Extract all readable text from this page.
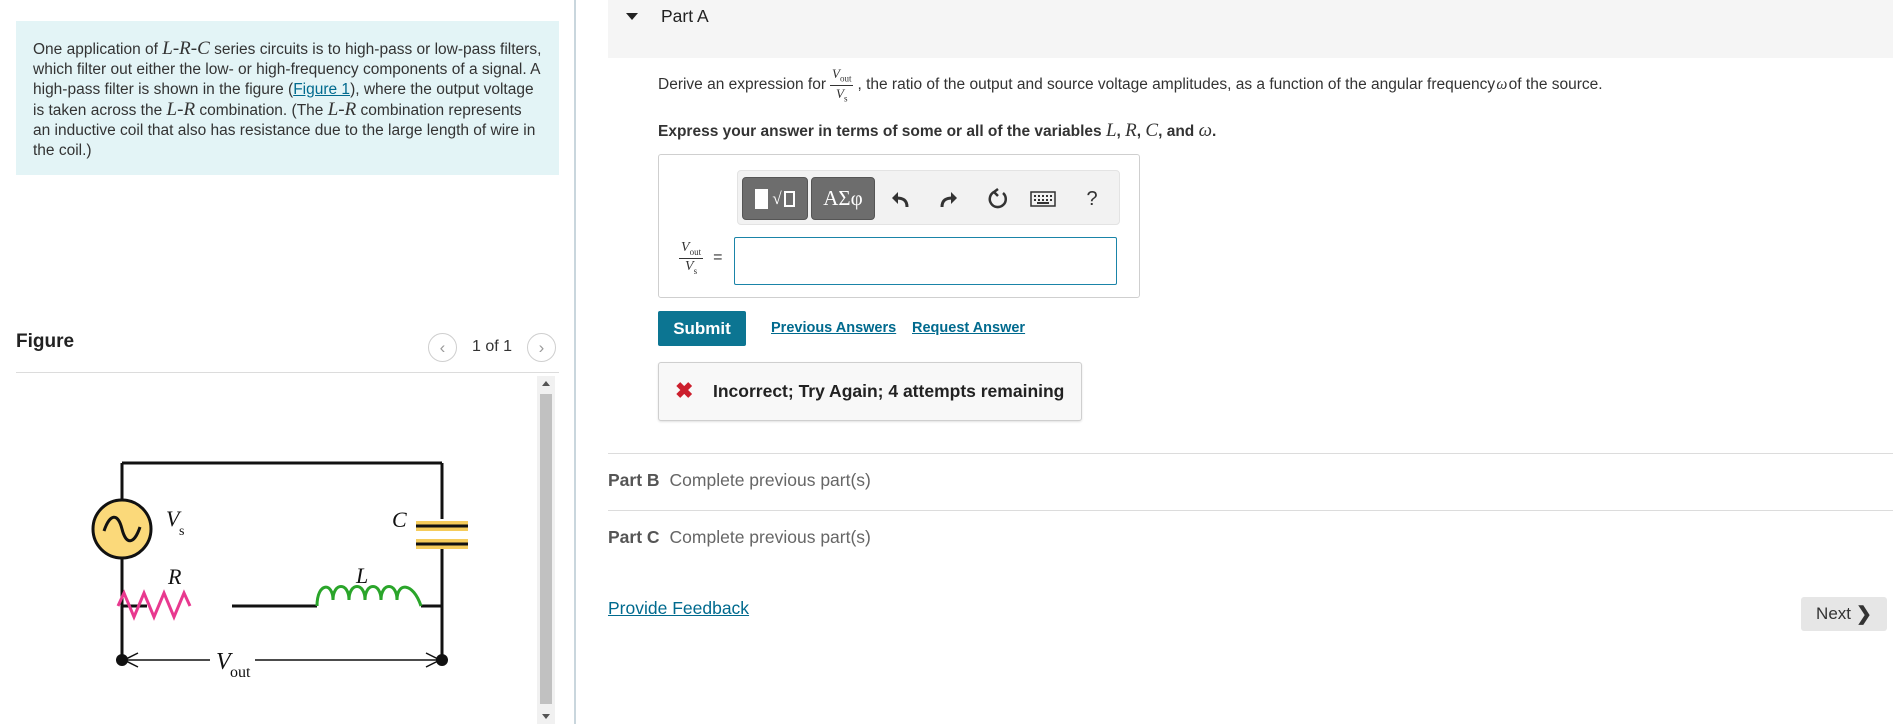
One application of L-R-C series circuits is to high-pass or low-pass filters, which filter out either the low- or high-frequency components of a signal. A high-pass filter is shown in the figure (Figure 1), where the output voltage is taken across the L-R combination. (The L-R combination represents an inductive coil that also has resistance due to the large length of wire in the coil.)
Figure	‹ 1 of 1 ›
V s
R
C
L
V out
Part A
Derive an expression for $\frac{V_{out}}{V_s}$ , the ratio of the output and source voltage amplitudes, as a function of the angular frequency
  ω
  of the source.
Express your answer in terms of some or all of the variables L, R, C, and ω.
√	ΑΣφ	?
$\frac{V_{out}}{V_s}$ =
Submit	Previous Answers Request Answer
✖ Incorrect; Try Again; 4 attempts remaining
Part B Complete previous part(s)
Part C Complete previous part(s)
Provide Feedback	Next ❯
